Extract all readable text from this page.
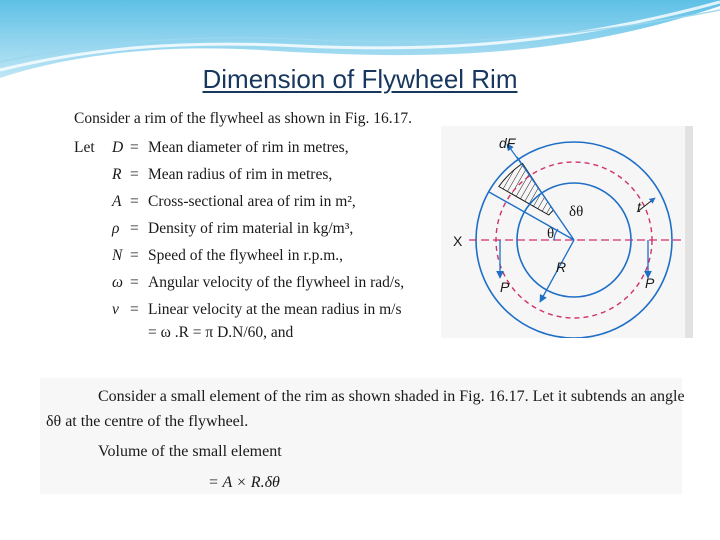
Dimension of Flywheel Rim
Consider a rim of the flywheel as shown in Fig. 16.17.
Let D = Mean diameter of rim in metres,
R = Mean radius of rim in metres,
A = Cross-sectional area of rim in m²,
ρ = Density of rim material in kg/m³,
N = Speed of the flywheel in r.p.m.,
ω = Angular velocity of the flywheel in rad/s,
v = Linear velocity at the mean radius in m/s
= ω .R = π D.N/60, and
dF
δθ	t
X	θ
R
P	P
Consider a small element of the rim as shown shaded in Fig. 16.17. Let it subtends an angle
δθ at the centre of the flywheel.
Volume of the small element
= A × R.δθ
